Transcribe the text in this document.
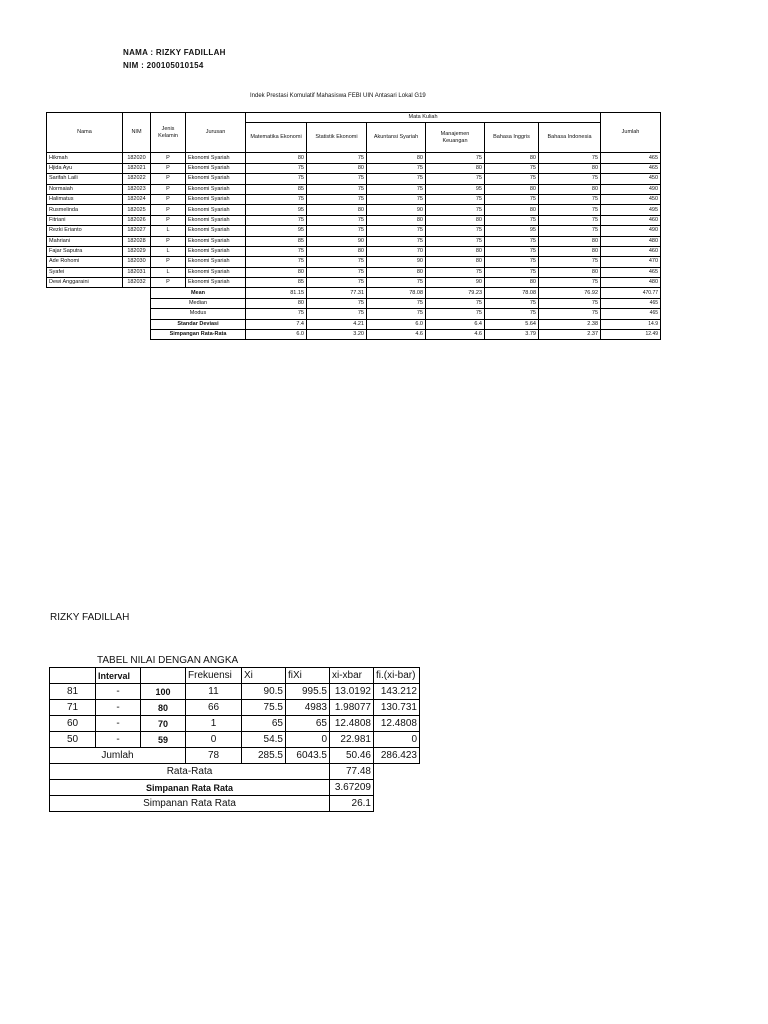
NAMA : RIZKY FADILLAH
NIM : 200105010154
Indek Prestasi Komulatif Mahasiswa FEBI UIN Antasari Lokal G19
Nama	NIM	Jenis Kelamin	Jurusan	Mata Kuliah						Jumlah
				Matematika Ekonomi	Statistik Ekonomi	Akuntansi Syariah	Manajemen Keuangan	Bahasa Inggris	Bahasa Indonesia	
Hikmah	182020	P	Ekonomi Syariah	80	75	80	75	80	75	465
Hjida Ayu	182021	P	Ekonomi Syariah	75	80	75	80	75	80	465
Sarifah Laili	182022	P	Ekonomi Syariah	75	75	75	75	75	75	450
Normaiah	182023	P	Ekonomi Syariah	85	75	75	95	80	80	490
Halimatus	182024	P	Ekonomi Syariah	75	75	75	75	75	75	450
Rusmelinda	182025	P	Ekonomi Syariah	95	80	90	75	80	75	495
Fitriani	182026	P	Ekonomi Syariah	75	75	80	80	75	75	460
Rezki Erianto	182027	L	Ekonomi Syariah	95	75	75	75	95	75	490
Mahriani	182028	P	Ekonomi Syariah	85	90	75	75	75	80	480
Fajar Saputra	182029	L	Ekonomi Syariah	75	80	70	80	75	80	460
Ade Rohomi	182030	P	Ekonomi Syariah	75	75	90	80	75	75	470
Syafei	182031	L	Ekonomi Syariah	80	75	80	75	75	80	465
Dewi Anggaraini	182032	P	Ekonomi Syariah	85	75	75	90	80	75	480
		Mean		81.15	77.31	78.08	79.23	78.08	76.92	470.77
		Median		80	75	75	75	75	75	465
		Modus		75	75	75	75	75	75	465
		Standar Deviasi		7.4	4.21	6.0	6.4	5.64	2.38	14.9
		Simpangan Rata-Rata		6.0	3.20	4.6	4.6	3.79	2.37	12.49
RIZKY FADILLAH
TABEL NILAI DENGAN ANGKA
	Interval		Frekuensi	Xi	fiXi	xi-xbar	fi.(xi-bar)
81	-	100	11	90.5	995.5	13.0192	143.212
71	-	80	66	75.5	4983	1.98077	130.731
60	-	70	1	65	65	12.4808	12.4808
50	-	59	0	54.5	0	22.981	0
Jumlah			78	285.5	6043.5	50.46	286.423
Rata-Rata						77.48	
Simpanan Rata Rata						3.67209	
Simpanan Rata Rata						26.1	
